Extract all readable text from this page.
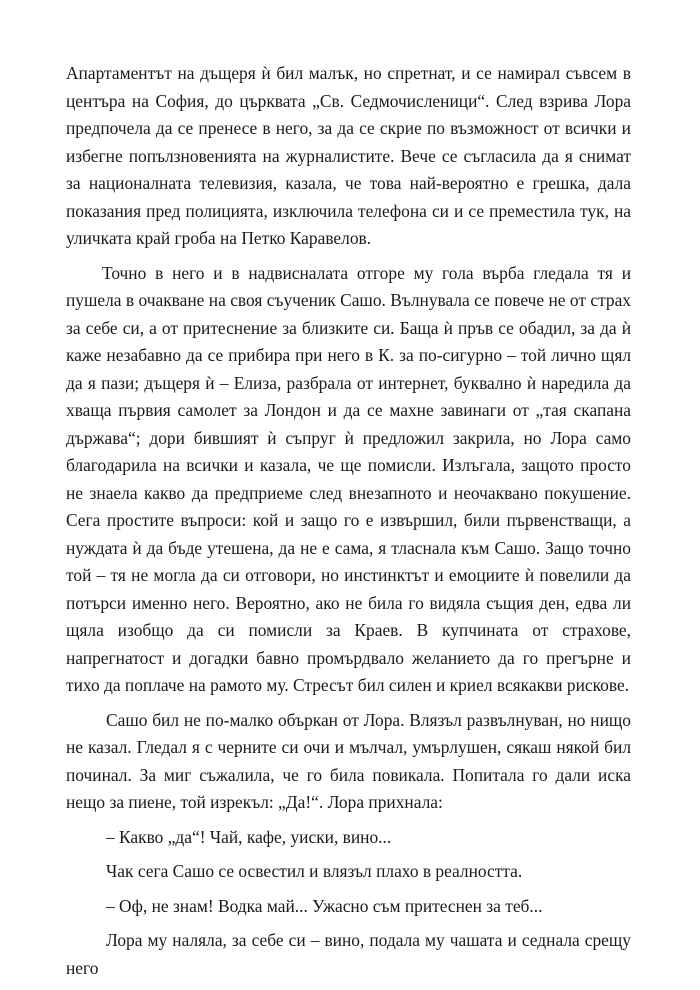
Апартаментът на дъщеря ѝ бил малък, но спретнат, и се намирал съвсем в центъра на София, до църквата „Св. Седмочисленици“. След взрива Лора предпочела да се пренесе в него, за да се скрие по възможност от всички и избегне попълзновенията на журналистите. Вече се съгласила да я снимат за националната телевизия, казала, че това най-вероятно е грешка, дала показания пред полицията, изключила телефона си и се преместила тук, на уличката край гроба на Петко Каравелов.

Точно в него и в надвисналата отгоре му гола върба гледала тя и пушела в очакване на своя съученик Сашо. Вълнувала се повече не от страх за себе си, а от притеснение за близките си. Баща ѝ пръв се обадил, за да ѝ каже незабавно да се прибира при него в К. за по-сигурно – той лично щял да я пази; дъщеря ѝ – Елиза, разбрала от интернет, буквално ѝ наредила да хваща първия самолет за Лондон и да се махне завинаги от „тая скапана държава“; дори бившият ѝ съпруг ѝ предложил закрила, но Лора само благодарила на всички и казала, че ще помисли. Излъгала, защото просто не знаела какво да предприеме след внезапното и неочаквано покушение. Сега простите въпроси: кой и защо го е извършил, били първенстващи, а нуждата ѝ да бъде утешена, да не е сама, я тласнала към Сашо. Защо точно той – тя не могла да си отговори, но инстинктът и емоциите ѝ повелили да потърси именно него. Вероятно, ако не била го видяла същия ден, едва ли щяла изобщо да си помисли за Краев. В купчината от страхове, напрегнатост и догадки бавно промърдвало желанието да го прегърне и тихо да поплаче на рамото му. Стресът бил силен и криел всякакви рискове.

Сашо бил не по-малко объркан от Лора. Влязъл развълнуван, но нищо не казал. Гледал я с черните си очи и мълчал, умърлушен, сякаш някой бил починал. За миг съжалила, че го била повикала. Попитала го дали иска нещо за пиене, той изрекъл: „Да!“. Лора прихнала:

– Какво „да“! Чай, кафе, уиски, вино...

Чак сега Сашо се освестил и влязъл плахо в реалността.

– Оф, не знам! Водка май... Ужасно съм притеснен за теб...

Лора му наляла, за себе си – вино, подала му чашата и седнала срещу него
